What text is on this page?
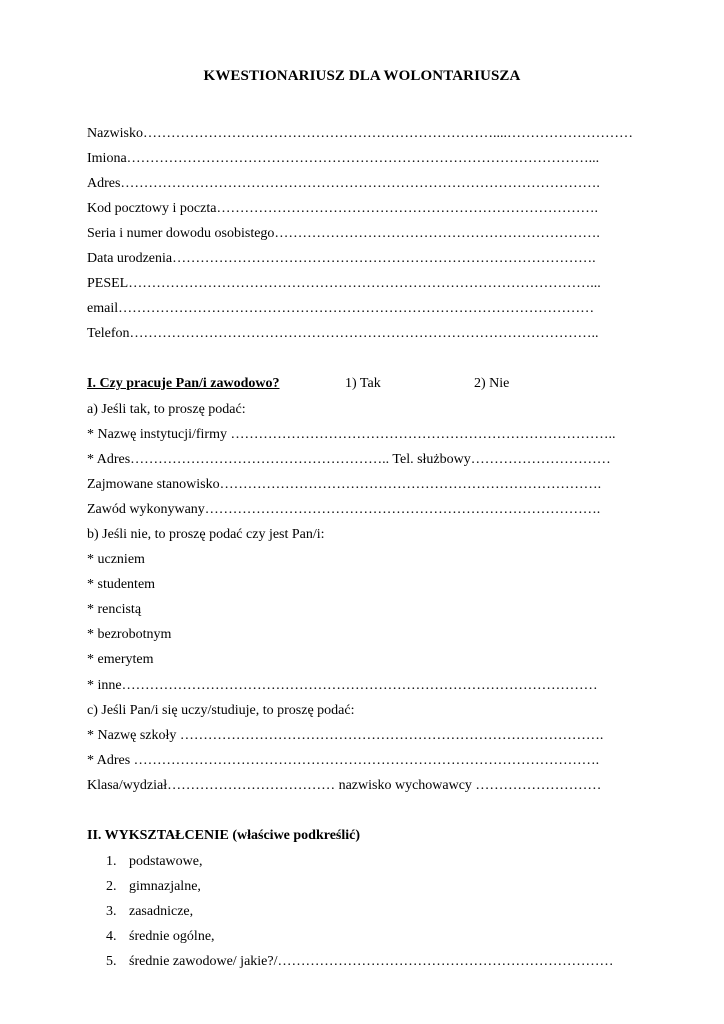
KWESTIONARIUSZ DLA WOLONTARIUSZA
Nazwisko…………………………………………………………………....………………………
Imiona………………………………………………………………………………………...
Adres………………………………………………………………………………………….
Kod pocztowy i poczta……………………………………………………………………….
Seria i numer dowodu osobistego…………………………………………………………….
Data urodzenia……………………………………………………………………………….
PESEL………………………………………………………………………………………...
email…………………………………………………………………………………………
Telefon………………………………………………………………………………………..
I. Czy pracuje Pan/i zawodowo?	1) Tak	2) Nie
a) Jeśli tak, to proszę podać:
* Nazwę instytucji/firmy ………………………………………………………………………..
* Adres……………………………………………….. Tel. służbowy…………………………
Zajmowane stanowisko……………………………………………………………………….
Zawód wykonywany………………………………………………………………………….
b) Jeśli nie, to proszę podać czy jest Pan/i:
* uczniem
* studentem
* rencistą
* bezrobotnym
* emerytem
* inne…………………………………………………………………………………………
c) Jeśli Pan/i się uczy/studiuje, to proszę podać:
* Nazwę szkoły ……………………………………………………………………………….
* Adres ……………………………………………………………………………………….
Klasa/wydział……………………………… nazwisko wychowawcy ………………………
II. WYKSZTAŁCENIE (właściwe podkreślić)
1. podstawowe,
2. gimnazjalne,
3. zasadnicze,
4. średnie ogólne,
5. średnie zawodowe/ jakie?/………………………………………………………………
